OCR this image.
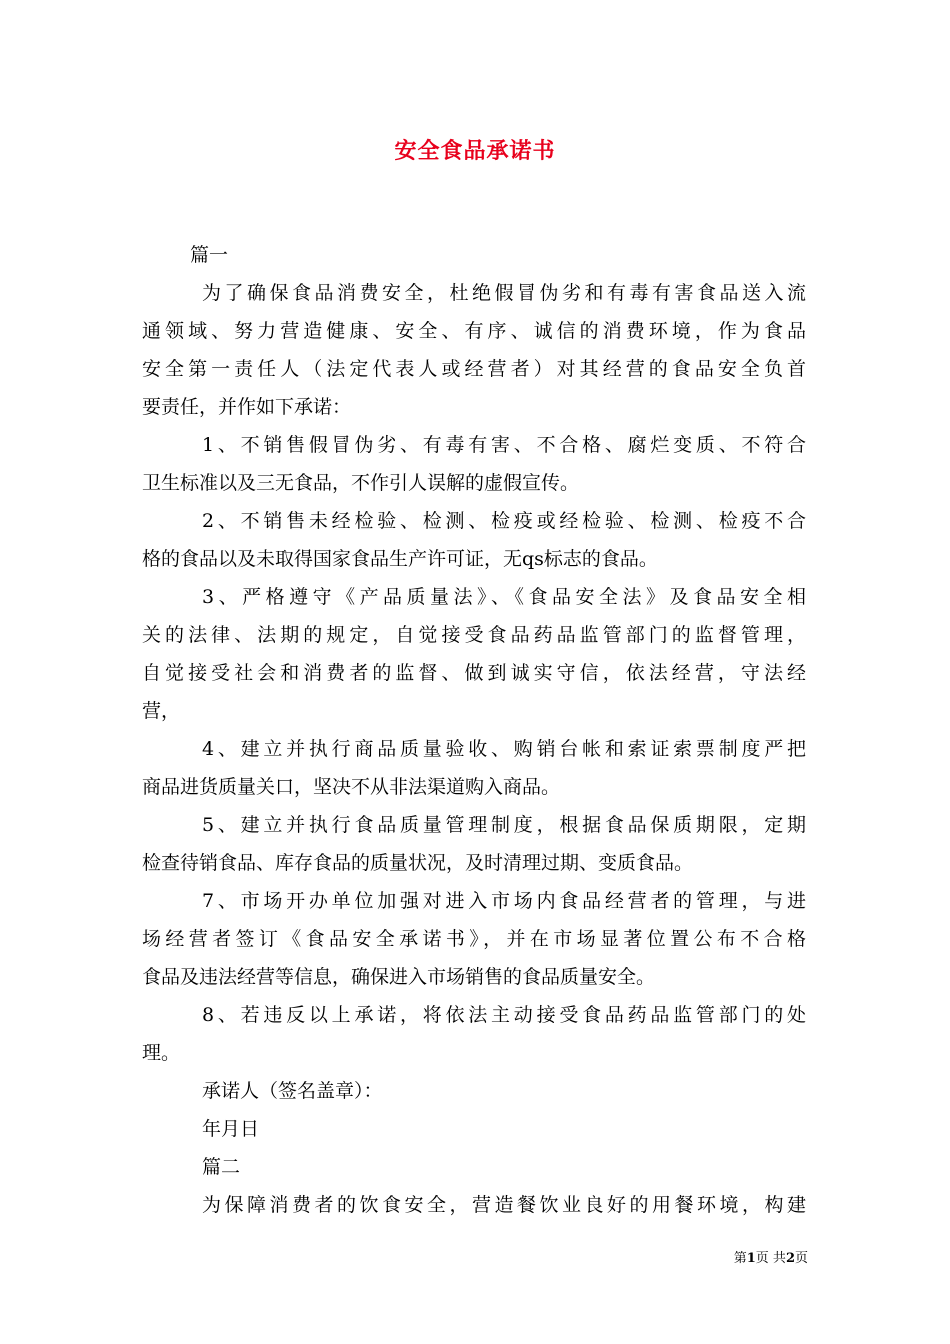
安全食品承诺书

篇一

为了确保食品消费安全，杜绝假冒伪劣和有毒有害食品送入流

通领域、努力营造健康、安全、有序、诚信的消费环境，作为食品

安全第一责任人（法定代表人或经营者）对其经营的食品安全负首

要责任，并作如下承诺：

1、不销售假冒伪劣、有毒有害、不合格、腐烂变质、不符合

卫生标准以及三无食品，不作引人误解的虚假宣传。

2、不销售未经检验、检测、检疫或经检验、检测、检疫不合

格的食品以及未取得国家食品生产许可证，无qs标志的食品。

3、严格遵守《产品质量法》、《食品安全法》及食品安全相

关的法律、法期的规定，自觉接受食品药品监管部门的监督管理，

自觉接受社会和消费者的监督、做到诚实守信，依法经营，守法经

营，

4、建立并执行商品质量验收、购销台帐和索证索票制度严把

商品进货质量关口，坚决不从非法渠道购入商品。

5、建立并执行食品质量管理制度，根据食品保质期限，定期

检查待销食品、库存食品的质量状况，及时清理过期、变质食品。

7、市场开办单位加强对进入市场内食品经营者的管理，与进

场经营者签订《食品安全承诺书》，并在市场显著位置公布不合格

食品及违法经营等信息，确保进入市场销售的食品质量安全。

8、若违反以上承诺，将依法主动接受食品药品监管部门的处

理。

承诺人（签名盖章）：

年月日

篇二

为保障消费者的饮食安全，营造餐饮业良好的用餐环境，构建

第1页 共2页
